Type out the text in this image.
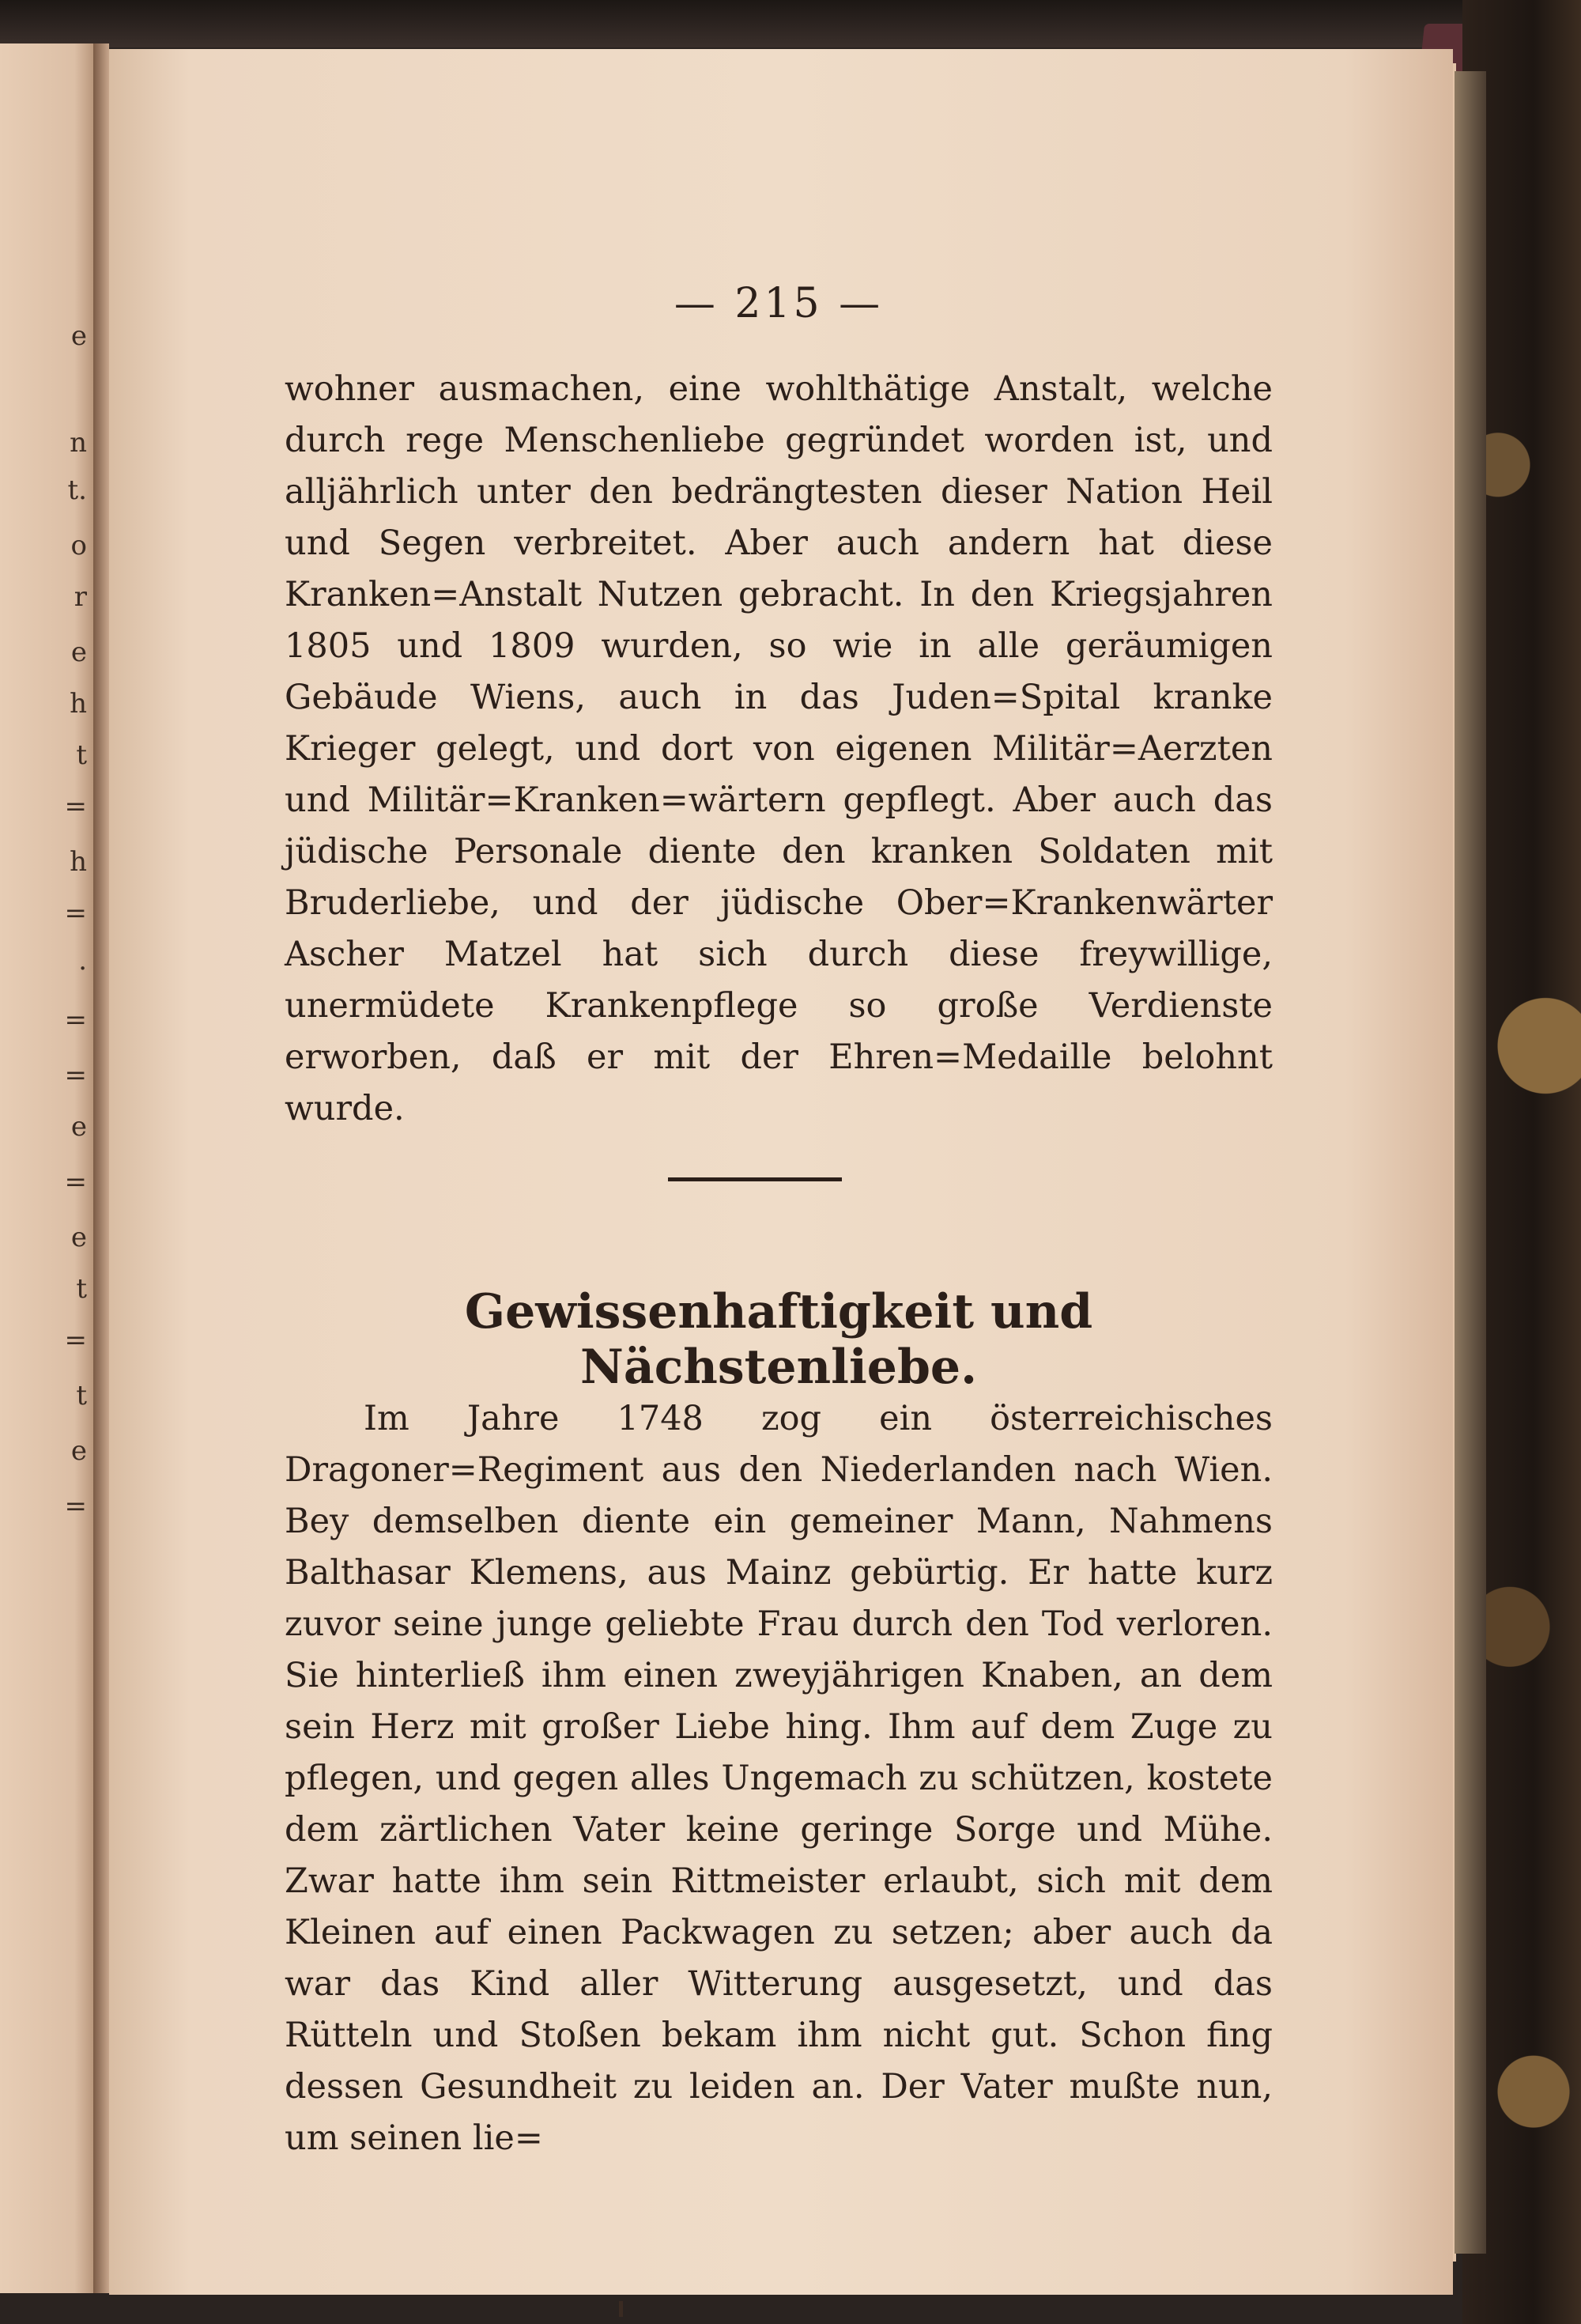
e
n
t.
o
r
e
h
t
=
h
=
·
=
=
e
=
e
t
=
t
e
=
— 215 —

wohner ausmachen, eine wohlthätige Anstalt, welche durch rege Menschenliebe gegründet worden ist, und alljährlich unter den bedrängtesten dieser Nation Heil und Segen verbreitet. Aber auch andern hat diese Kranken=Anstalt Nutzen gebracht. In den Kriegsjahren 1805 und 1809 wurden, so wie in alle geräumigen Gebäude Wiens, auch in das Juden=Spital kranke Krieger gelegt, und dort von eigenen Militär=Aerzten und Militär=Kranken=wärtern gepflegt. Aber auch das jüdische Personale diente den kranken Soldaten mit Bruderliebe, und der jüdische Ober=Krankenwärter Ascher Matzel hat sich durch diese freywillige, unermüdete Krankenpflege so große Verdienste erworben, daß er mit der Ehren=Medaille belohnt wurde.

Gewissenhaftigkeit und Nächstenliebe.

Im Jahre 1748 zog ein österreichisches Dragoner=Regiment aus den Niederlanden nach Wien. Bey demselben diente ein gemeiner Mann, Nahmens Balthasar Klemens, aus Mainz gebürtig. Er hatte kurz zuvor seine junge geliebte Frau durch den Tod verloren. Sie hinterließ ihm einen zweyjährigen Knaben, an dem sein Herz mit großer Liebe hing. Ihm auf dem Zuge zu pflegen, und gegen alles Ungemach zu schützen, kostete dem zärtlichen Vater keine geringe Sorge und Mühe. Zwar hatte ihm sein Rittmeister erlaubt, sich mit dem Kleinen auf einen Packwagen zu setzen; aber auch da war das Kind aller Witterung ausgesetzt, und das Rütteln und Stoßen bekam ihm nicht gut. Schon fing dessen Gesundheit zu leiden an. Der Vater mußte nun, um seinen lie=
